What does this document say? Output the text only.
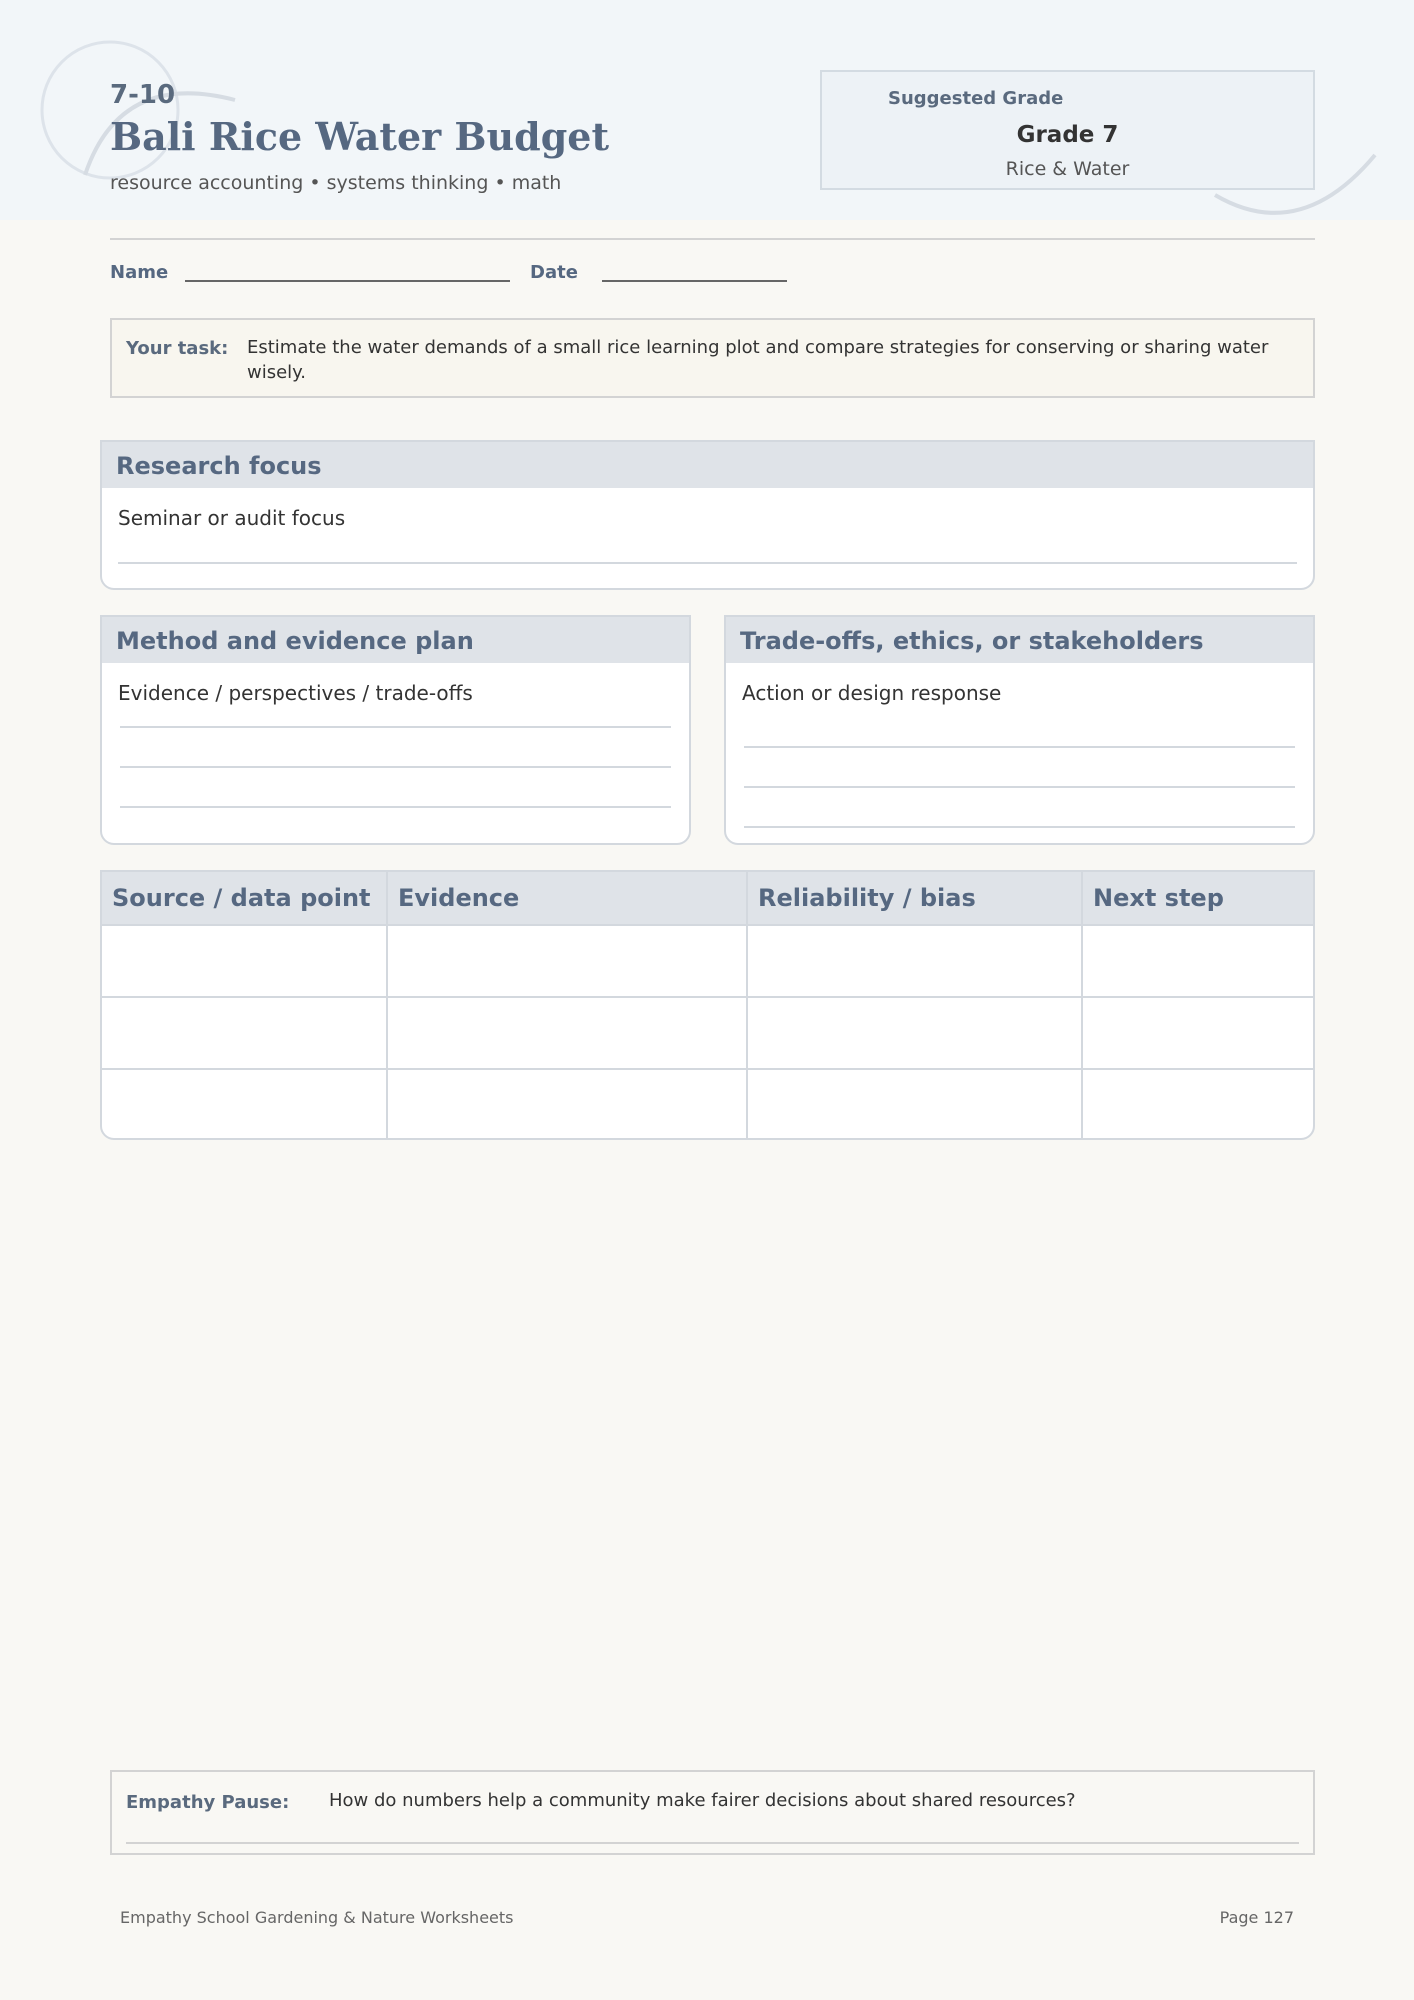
7-10
Bali Rice Water Budget
resource accounting • systems thinking • math
Suggested Grade
Grade 7
Rice & Water
Name	Date
Your task: Estimate the water demands of a small rice learning plot and compare strategies for conserving or sharing water wisely.
Research focus
Seminar or audit focus
Method and evidence plan
Evidence / perspectives / trade-offs
Trade-offs, ethics, or stakeholders
Action or design response
Source / data point	Evidence	Reliability / bias	Next step

Empathy Pause: How do numbers help a community make fairer decisions about shared resources?
Empathy School Gardening & Nature Worksheets	Page 127
